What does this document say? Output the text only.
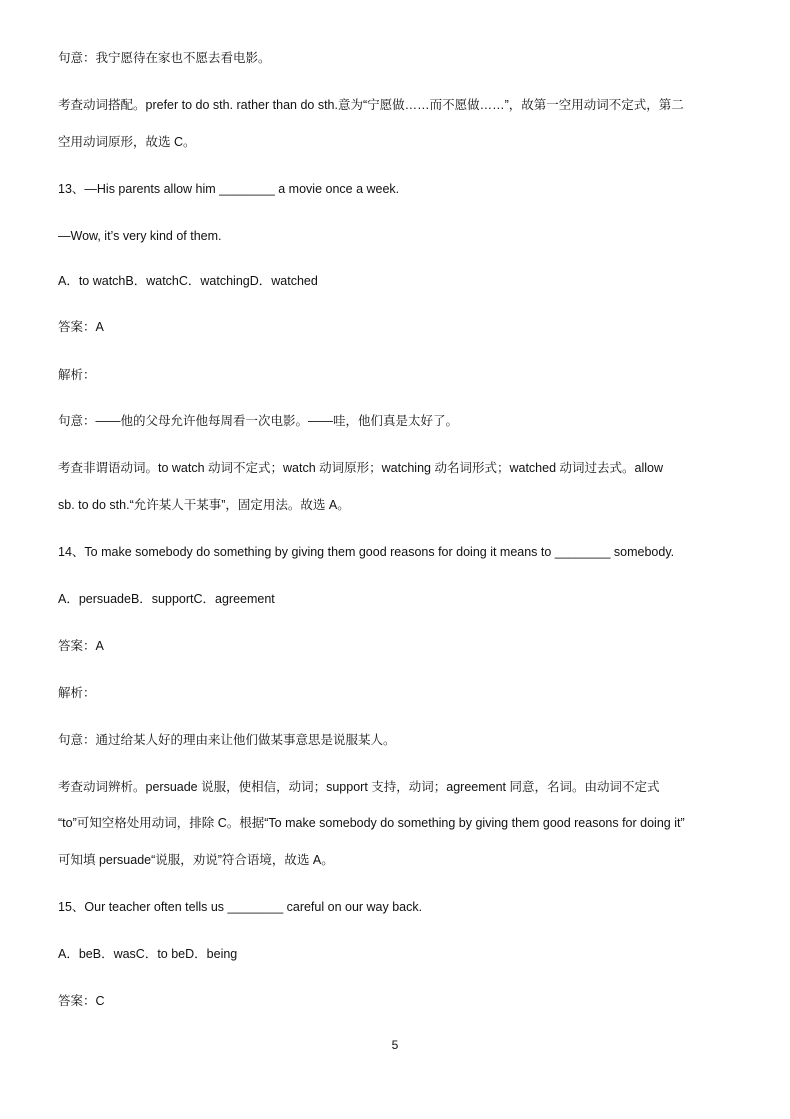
句意：我宁愿待在家也不愿去看电影。
考查动词搭配。prefer to do sth. rather than do sth.意为“宁愿做……而不愿做……”，故第一空用动词不定式，第二
空用动词原形，故选 C。
13、—His parents allow him ________ a movie once a week.
—Wow, it’s very kind of them.
A．to watchB．watchC．watchingD．watched
答案：A
解析：
句意：——他的父母允许他每周看一次电影。——哇，他们真是太好了。
考查非谓语动词。to watch 动词不定式；watch 动词原形；watching 动名词形式；watched 动词过去式。allow
sb. to do sth.“允许某人干某事”，固定用法。故选 A。
14、To make somebody do something by giving them good reasons for doing it means to ________ somebody.
A．persuadeB．supportC．agreement
答案：A
解析：
句意：通过给某人好的理由来让他们做某事意思是说服某人。
考查动词辨析。persuade 说服，使相信，动词；support 支持，动词；agreement 同意，名词。由动词不定式
“to”可知空格处用动词，排除 C。根据“To make somebody do something by giving them good reasons for doing it”
可知填 persuade“说服，劝说”符合语境，故选 A。
15、Our teacher often tells us ________ careful on our way back.
A．beB．wasC．to beD．being
答案：C
5
